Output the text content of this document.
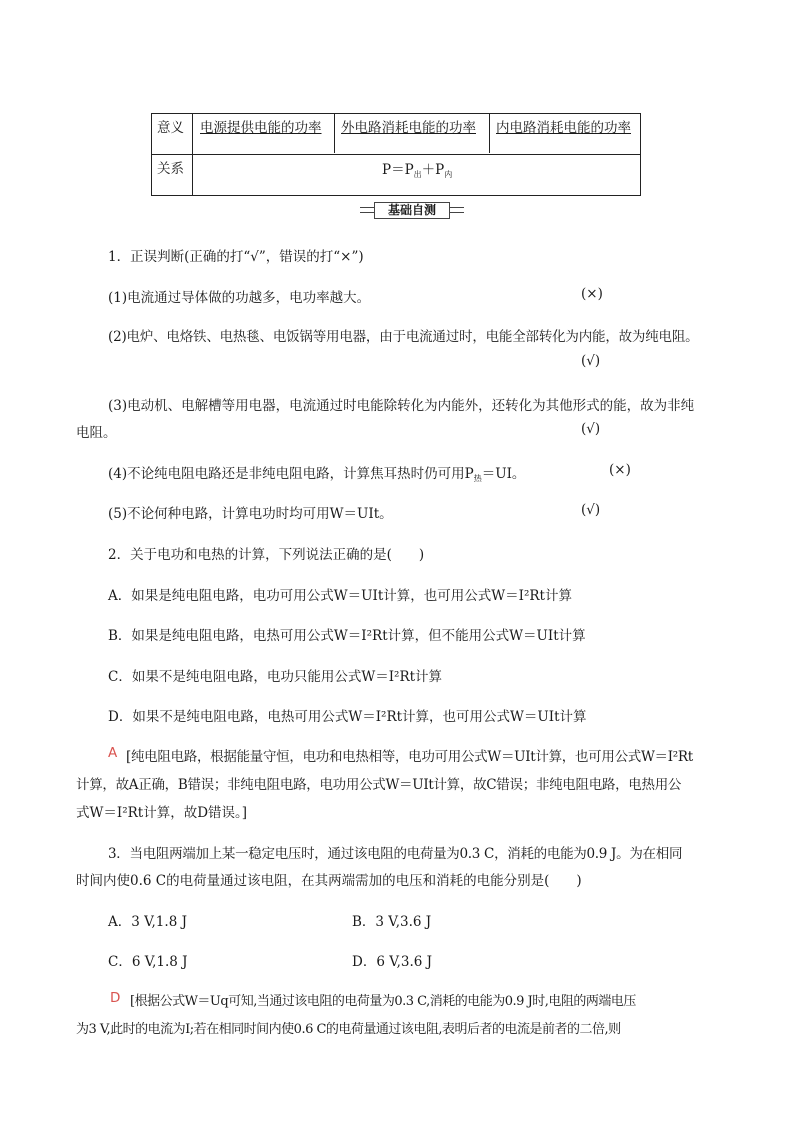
意义 电源提供电能的功率 外电路消耗电能的功率 内电路消耗电能的功率
关系	$P=P_出+P_内$
基础自测
1．正误判断(正确的打“√”，错误的打“×”)
(1)电流通过导体做的功越多，电功率越大。	(×)
(2)电炉、电烙铁、电热毯、电饭锅等用电器，由于电流通过时，电能全部转化为内能，故为纯电阻。
(√)
(3)电动机、电解槽等用电器，电流通过时电能除转化为内能外，还转化为其他形式的能，故为非纯
电阻。	(√)
(4)不论纯电阻电路还是非纯电阻电路，计算焦耳热时仍可用$P_热=UI$。	(×)
(5)不论何种电路，计算电功时均可用W＝UIt。	(√)
2．关于电功和电热的计算，下列说法正确的是(　　)
A．如果是纯电阻电路，电功可用公式W＝UIt计算，也可用公式W＝I²Rt计算
B．如果是纯电阻电路，电热可用公式W＝I²Rt计算，但不能用公式W＝UIt计算
C．如果不是纯电阻电路，电功只能用公式W＝I²Rt计算
D．如果不是纯电阻电路，电热可用公式W＝I²Rt计算，也可用公式W＝UIt计算
A [纯电阻电路，根据能量守恒，电功和电热相等，电功可用公式W＝UIt计算，也可用公式W＝I²Rt
计算，故A正确，B错误；非纯电阻电路，电功用公式W＝UIt计算，故C错误；非纯电阻电路，电热用公
式W＝I²Rt计算，故D错误。]
3．当电阻两端加上某一稳定电压时，通过该电阻的电荷量为0.3 C，消耗的电能为0.9 J。为在相同
时间内使0.6 C的电荷量通过该电阻，在其两端需加的电压和消耗的电能分别是(　　)
A．3 V,1.8 J	B．3 V,3.6 J
C．6 V,1.8 J	D．6 V,3.6 J
D [根据公式W＝Uq可知,当通过该电阻的电荷量为0.3 C,消耗的电能为0.9 J时,电阻的两端电压
为3 V,此时的电流为I;若在相同时间内使0.6 C的电荷量通过该电阻,表明后者的电流是前者的二倍,则
